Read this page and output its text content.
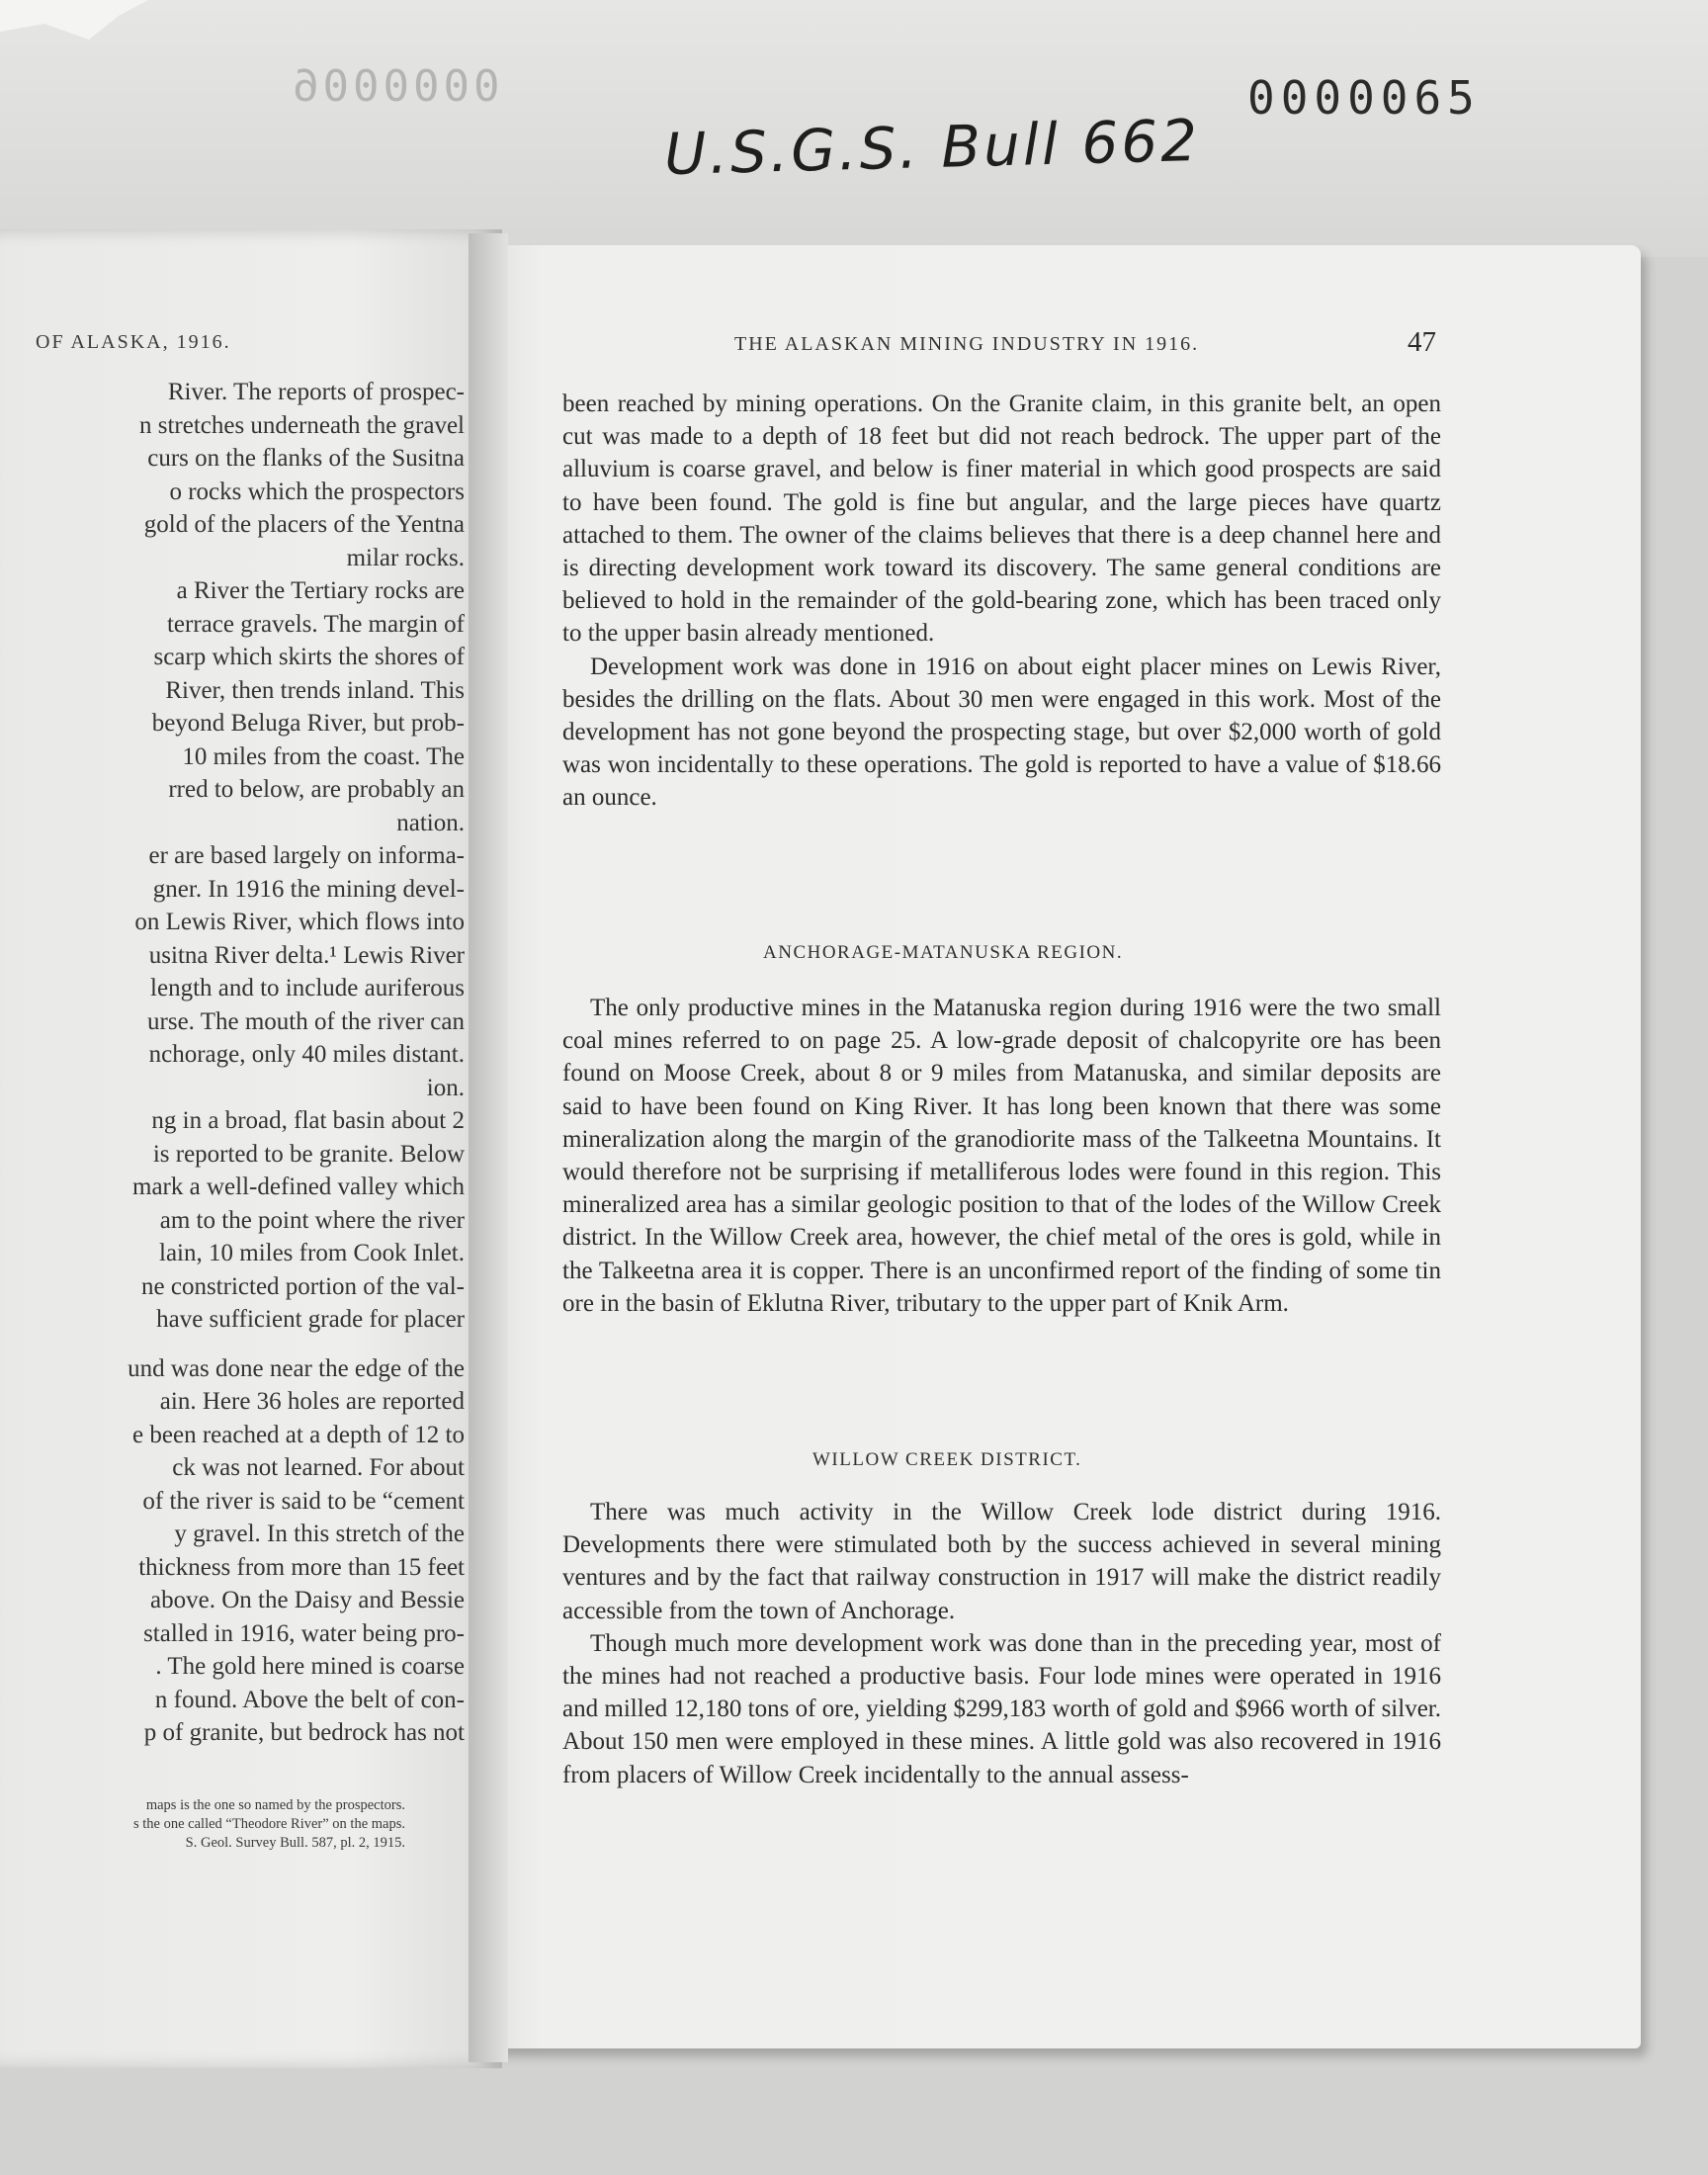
0000006	0000065
U.S.G.S. Bull 662
OF ALASKA, 1916.
River. The reports of prospec-
n stretches underneath the gravel
curs on the flanks of the Susitna
o rocks which the prospectors
gold of the placers of the Yentna
milar rocks.
a River the Tertiary rocks are
terrace gravels. The margin of
scarp which skirts the shores of
River, then trends inland. This
beyond Beluga River, but prob-
10 miles from the coast. The
rred to below, are probably an
nation.
er are based largely on informa-
gner. In 1916 the mining devel-
on Lewis River, which flows into
usitna River delta.¹ Lewis River
length and to include auriferous
urse. The mouth of the river can
nchorage, only 40 miles distant.
ion.
ng in a broad, flat basin about 2
is reported to be granite. Below
mark a well-defined valley which
am to the point where the river
lain, 10 miles from Cook Inlet.
ne constricted portion of the val-
have sufficient grade for placer
und was done near the edge of the
ain. Here 36 holes are reported
e been reached at a depth of 12 to
ck was not learned. For about
of the river is said to be “cement
y gravel. In this stretch of the
thickness from more than 15 feet
above. On the Daisy and Bessie
stalled in 1916, water being pro-
. The gold here mined is coarse
n found. Above the belt of con-
p of granite, but bedrock has not
maps is the one so named by the prospectors.
s the one called “Theodore River” on the maps.
S. Geol. Survey Bull. 587, pl. 2, 1915.
THE ALASKAN MINING INDUSTRY IN 1916.	47

been reached by mining operations. On the Granite claim, in this granite belt, an open cut was made to a depth of 18 feet but did not reach bedrock. The upper part of the alluvium is coarse gravel, and below is finer material in which good prospects are said to have been found. The gold is fine but angular, and the large pieces have quartz attached to them. The owner of the claims believes that there is a deep channel here and is directing development work toward its discovery. The same general conditions are believed to hold in the remainder of the gold-bearing zone, which has been traced only to the upper basin already mentioned.

Development work was done in 1916 on about eight placer mines on Lewis River, besides the drilling on the flats. About 30 men were engaged in this work. Most of the development has not gone beyond the prospecting stage, but over $2,000 worth of gold was won incidentally to these operations. The gold is reported to have a value of $18.66 an ounce.

ANCHORAGE-MATANUSKA REGION.

The only productive mines in the Matanuska region during 1916 were the two small coal mines referred to on page 25. A low-grade deposit of chalcopyrite ore has been found on Moose Creek, about 8 or 9 miles from Matanuska, and similar deposits are said to have been found on King River. It has long been known that there was some mineralization along the margin of the granodiorite mass of the Talkeetna Mountains. It would therefore not be surprising if metalliferous lodes were found in this region. This mineralized area has a similar geologic position to that of the lodes of the Willow Creek district. In the Willow Creek area, however, the chief metal of the ores is gold, while in the Talkeetna area it is copper. There is an unconfirmed report of the finding of some tin ore in the basin of Eklutna River, tributary to the upper part of Knik Arm.

WILLOW CREEK DISTRICT.

There was much activity in the Willow Creek lode district during 1916. Developments there were stimulated both by the success achieved in several mining ventures and by the fact that railway construction in 1917 will make the district readily accessible from the town of Anchorage.

Though much more development work was done than in the preceding year, most of the mines had not reached a productive basis. Four lode mines were operated in 1916 and milled 12,180 tons of ore, yielding $299,183 worth of gold and $966 worth of silver. About 150 men were employed in these mines. A little gold was also recovered in 1916 from placers of Willow Creek incidentally to the annual assess-
